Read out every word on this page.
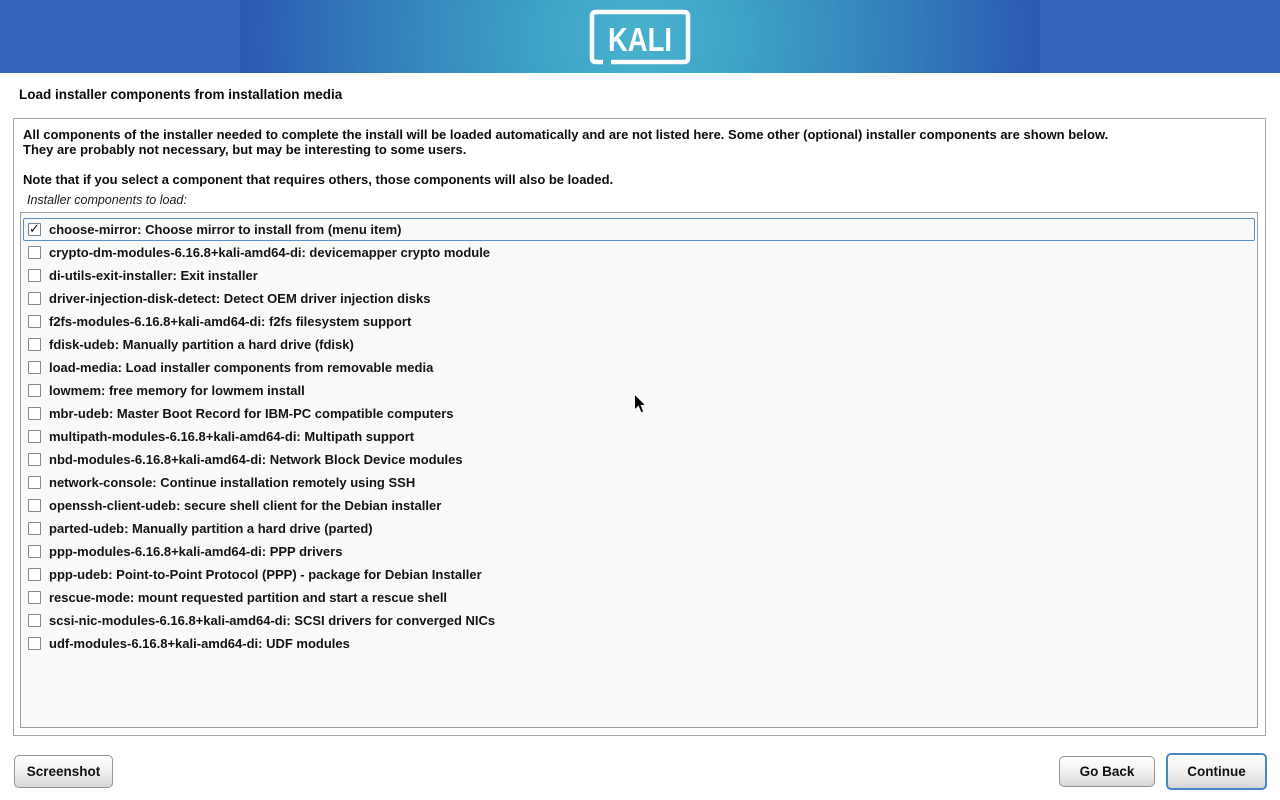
KALI
Load installer components from installation media
All components of the installer needed to complete the install will be loaded automatically and are not listed here. Some other (optional) installer components are shown below.
They are probably not necessary, but may be interesting to some users.
Note that if you select a component that requires others, those components will also be loaded.
Installer components to load:
✓ choose-mirror: Choose mirror to install from (menu item)
crypto-dm-modules-6.16.8+kali-amd64-di: devicemapper crypto module
di-utils-exit-installer: Exit installer
driver-injection-disk-detect: Detect OEM driver injection disks
f2fs-modules-6.16.8+kali-amd64-di: f2fs filesystem support
fdisk-udeb: Manually partition a hard drive (fdisk)
load-media: Load installer components from removable media
lowmem: free memory for lowmem install
mbr-udeb: Master Boot Record for IBM-PC compatible computers
multipath-modules-6.16.8+kali-amd64-di: Multipath support
nbd-modules-6.16.8+kali-amd64-di: Network Block Device modules
network-console: Continue installation remotely using SSH
openssh-client-udeb: secure shell client for the Debian installer
parted-udeb: Manually partition a hard drive (parted)
ppp-modules-6.16.8+kali-amd64-di: PPP drivers
ppp-udeb: Point-to-Point Protocol (PPP) - package for Debian Installer
rescue-mode: mount requested partition and start a rescue shell
scsi-nic-modules-6.16.8+kali-amd64-di: SCSI drivers for converged NICs
udf-modules-6.16.8+kali-amd64-di: UDF modules
Screenshot	Go Back	Continue
